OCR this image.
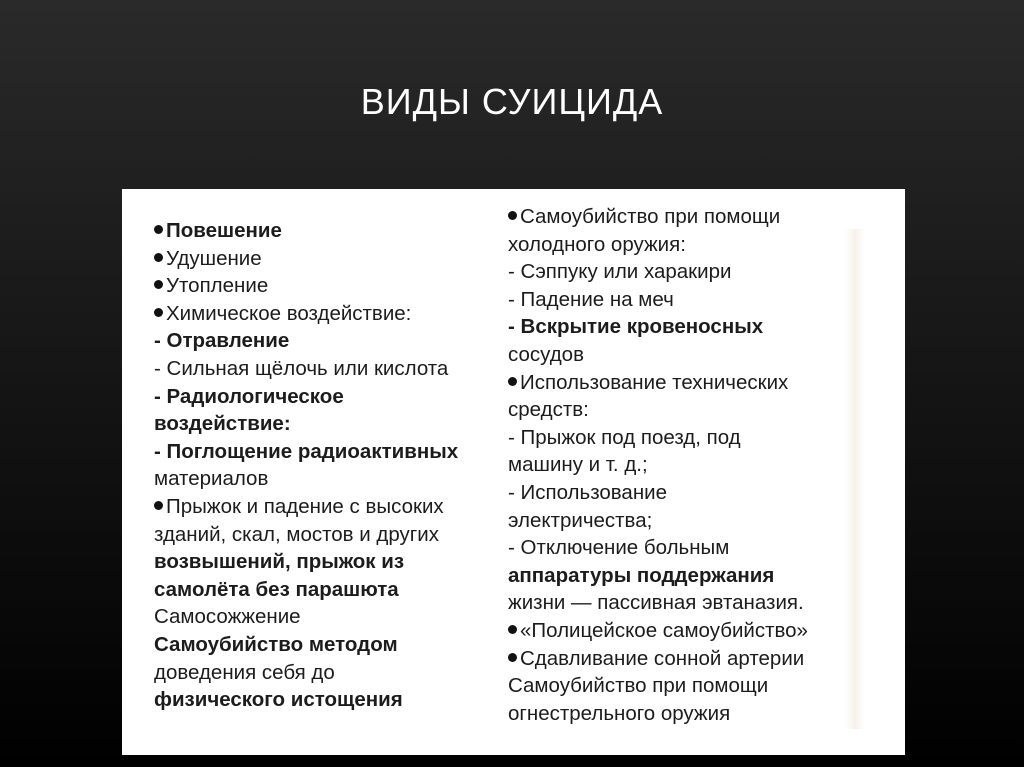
ВИДЫ СУИЦИДА
Повешение
Удушение
Утопление
Химическое воздействие:
- Отравление
- Сильная щёлочь или кислота
- Радиологическое
воздействие:
- Поглощение радиоактивных
материалов
Прыжок и падение с высоких
зданий, скал, мостов и других
возвышений, прыжок из
самолёта без парашюта
Самосожжение
Самоубийство методом
доведения себя до
физического истощения
Самоубийство при помощи
холодного оружия:
- Сэппуку или харакири
- Падение на меч
- Вскрытие кровеносных
сосудов
Использование технических
средств:
- Прыжок под поезд, под
машину и т. д.;
- Использование
электричества;
- Отключение больным
аппаратуры поддержания
жизни — пассивная эвтаназия.
«Полицейское самоубийство»
Сдавливание сонной артерии
Самоубийство при помощи
огнестрельного оружия
